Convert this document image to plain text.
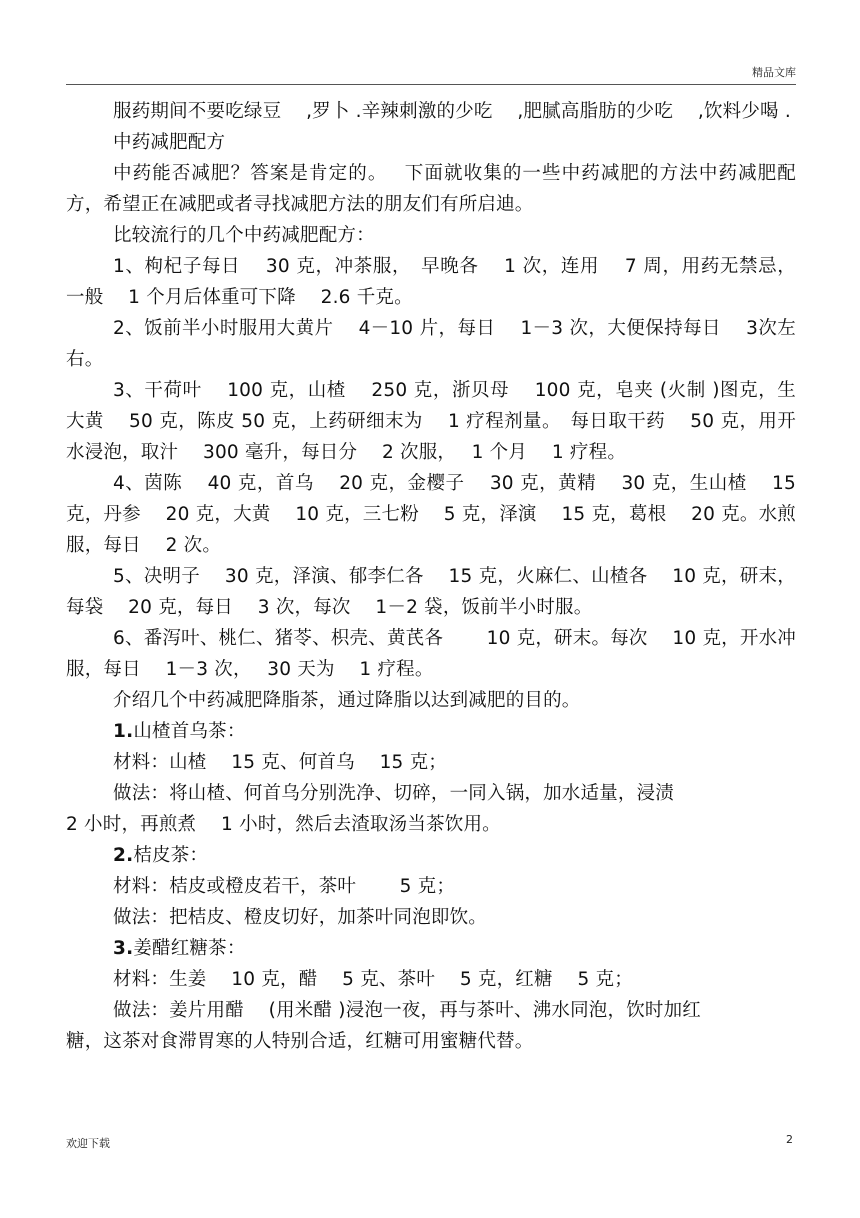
精品文库

服药期间不要吃绿豆　 ,罗卜 .辛辣刺激的少吃　 ,肥腻高脂肪的少吃　 ,饮料少喝 .

中药减肥配方

中药能否减肥？答案是肯定的。　 下面就收集的一些中药减肥的方法中药减肥配方，希望正在减肥或者寻找减肥方法的朋友们有所启迪。

比较流行的几个中药减肥配方：

1、枸杞子每日　 30 克，冲茶服，　早晚各　 1 次，连用　 7 周，用药无禁忌，一般　 1 个月后体重可下降　 2.6 千克。

2、饭前半小时服用大黄片　 4－10 片，每日　 1－3 次，大便保持每日　 3次左右。

3、干荷叶　 100 克，山楂　 250 克，浙贝母　 100 克，皂夹 (火制 )图克，生大黄　 50 克，陈皮 50 克，上药研细末为　 1 疗程剂量。　每日取干药　 50 克，用开水浸泡，取汁　 300 毫升，每日分　 2 次服，　 1 个月　 1 疗程。

4、茵陈　 40 克，首乌　 20 克，金樱子　 30 克，黄精　 30 克，生山楂　 15克，丹参　 20 克，大黄　 10 克，三七粉　 5 克，泽演　 15 克，葛根　 20 克。水煎服，每日　 2 次。

5、决明子　 30 克，泽演、郁李仁各　 15 克，火麻仁、山楂各　 10 克，研末，每袋　 20 克，每日　 3 次，每次　 1－2 袋，饭前半小时服。

6、番泻叶、桃仁、猪苓、枳壳、黄芪各　　 10 克，研末。每次　 10 克，开水冲服，每日　 1－3 次，　 30 天为　 1 疗程。

介绍几个中药减肥降脂茶，通过降脂以达到减肥的目的。

1.山楂首乌茶：

材料：山楂　 15 克、何首乌　 15 克；

做法：将山楂、何首乌分别洗净、切碎，一同入锅，加水适量，浸渍

2 小时，再煎煮　 1 小时，然后去渣取汤当茶饮用。

2.桔皮茶：

材料：桔皮或橙皮若干，茶叶　　 5 克；

做法：把桔皮、橙皮切好，加茶叶同泡即饮。

3.姜醋红糖茶：

材料：生姜　 10 克，醋　 5 克、茶叶　 5 克，红糖　 5 克；

做法：姜片用醋　 (用米醋 )浸泡一夜，再与茶叶、沸水同泡，饮时加红

糖，这茶对食滞胃寒的人特别合适，红糖可用蜜糖代替。

欢迎下载	2
